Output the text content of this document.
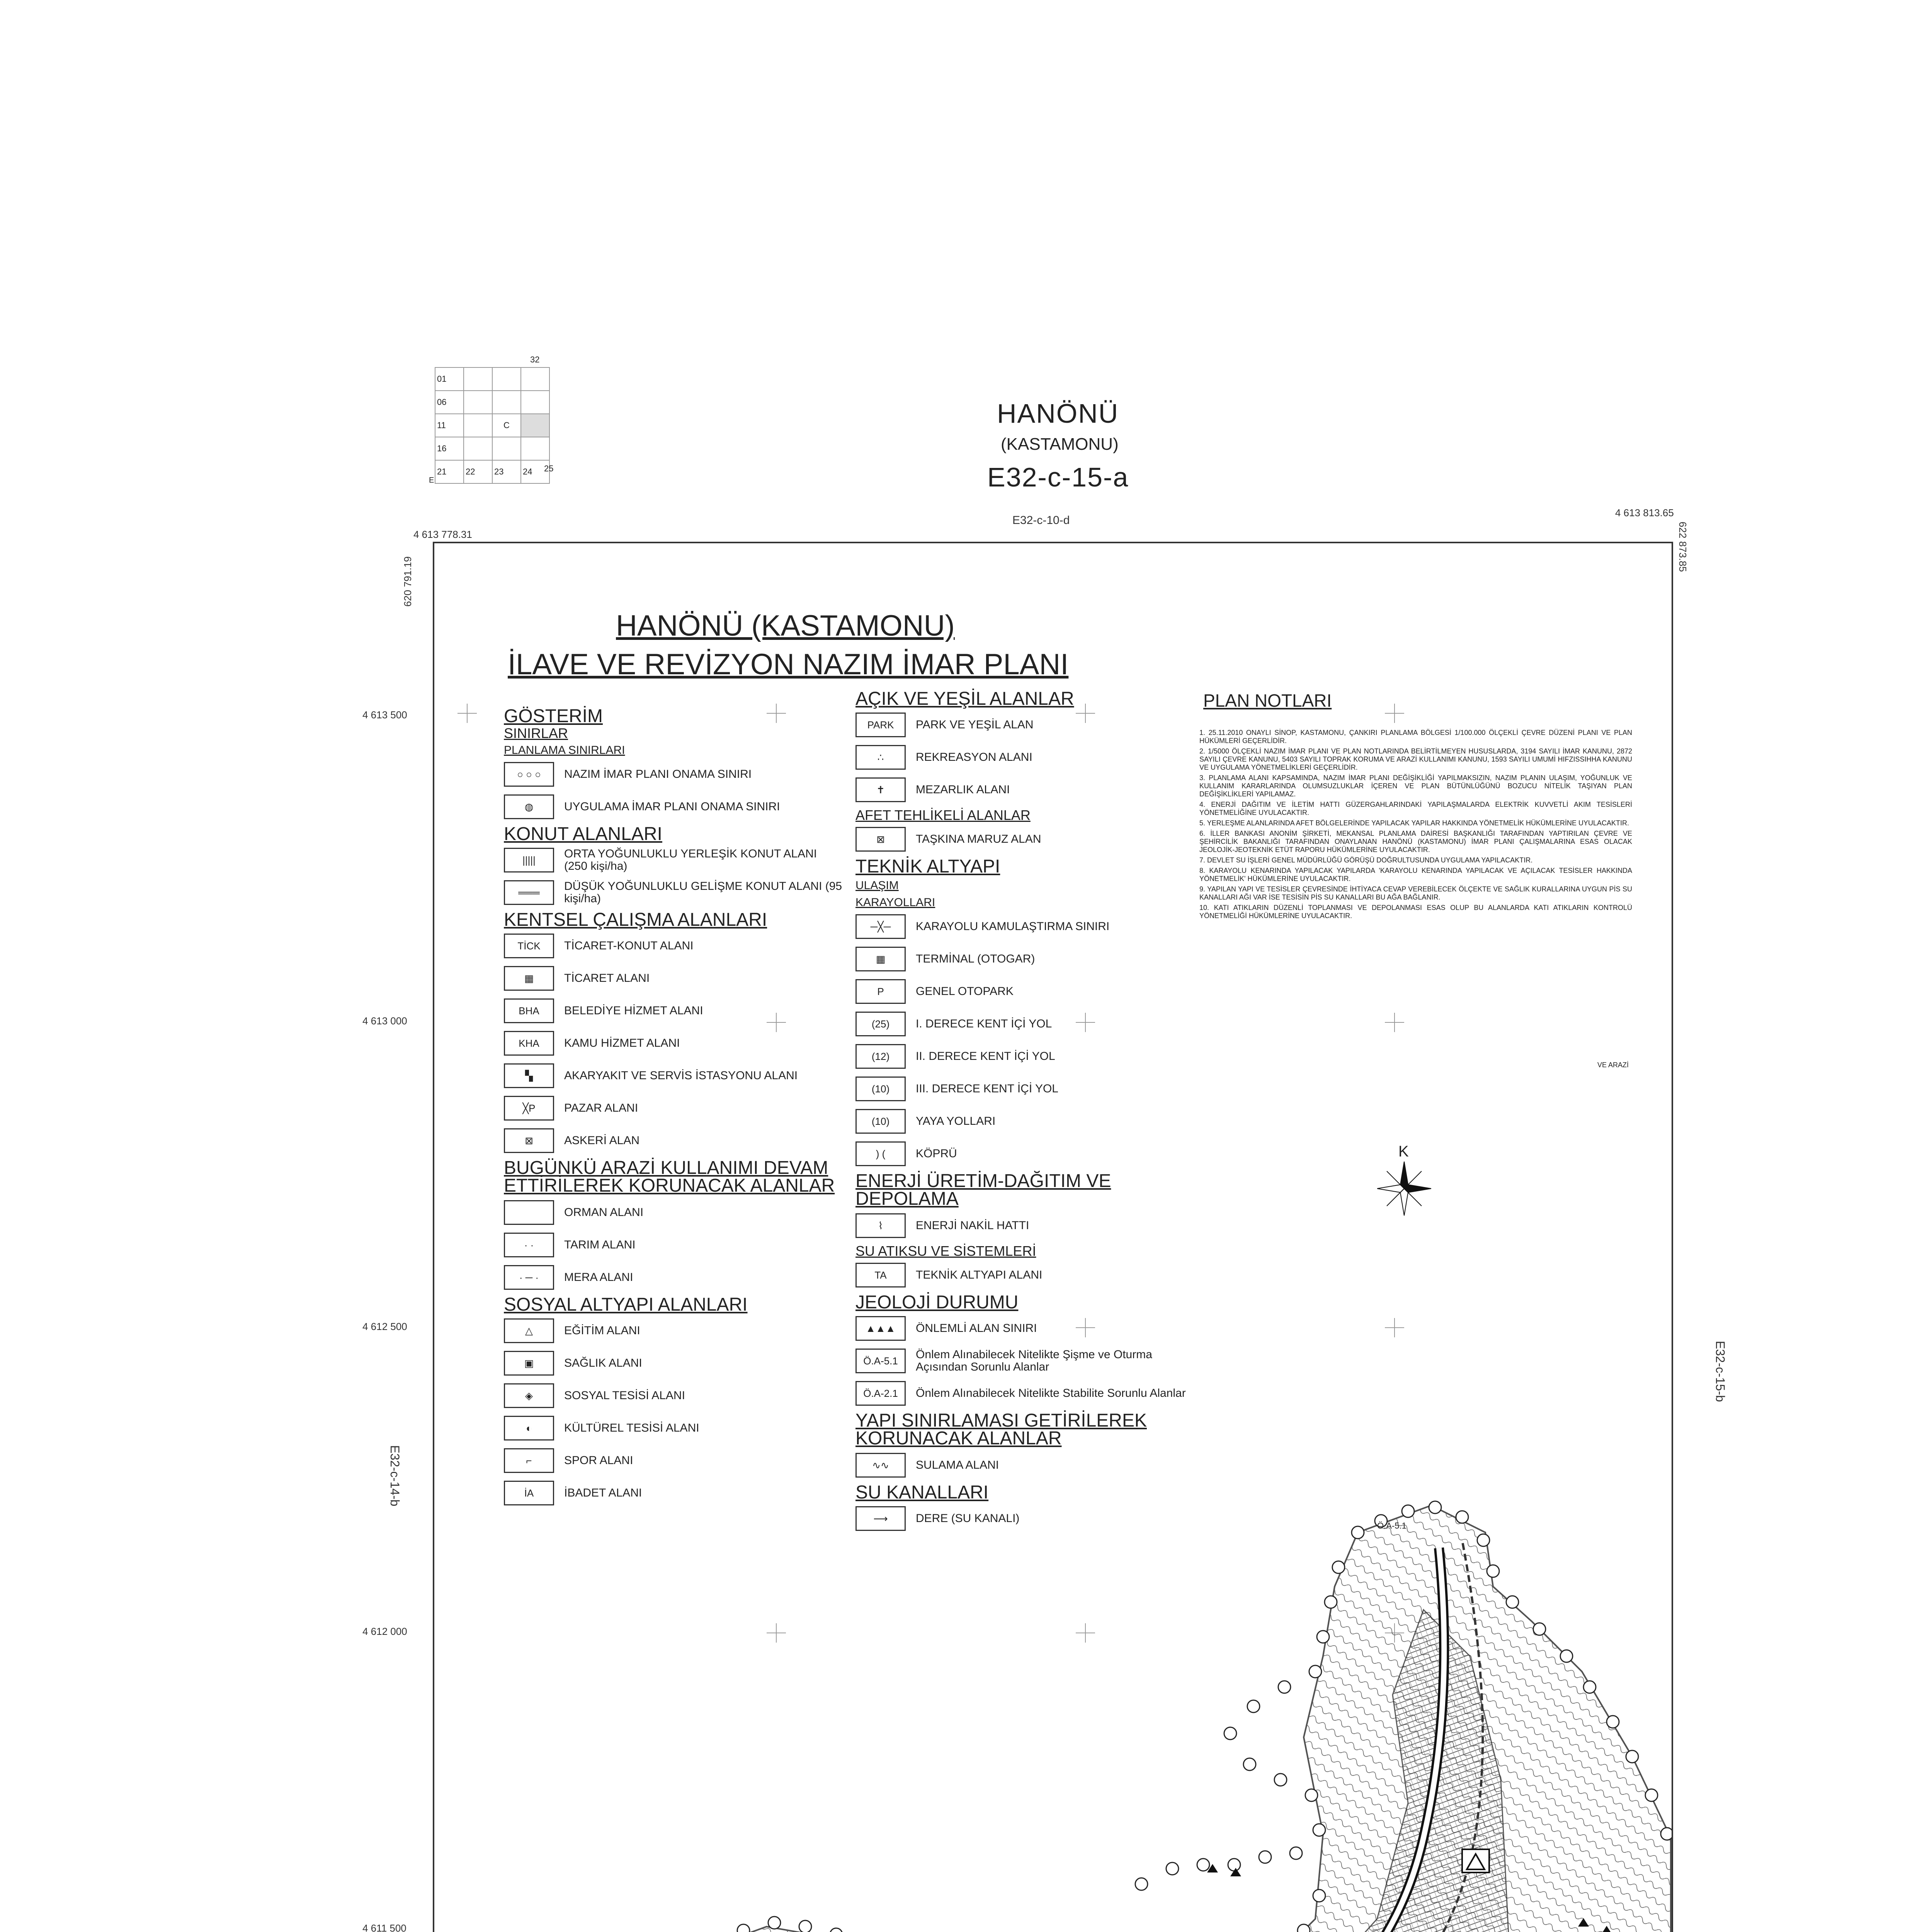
32
01			
06			
11		C	
16			
21	22	23	24 25
E
HANÖNÜ
(KASTAMONU)
E32-c-15-a
E32-c-10-d
4 613 778.31
4 613 813.65
620 791.19
622 873.85
E32-c-14-b
E32-c-15-b
4 613 500
4 613 000
4 612 500
4 612 000
4 611 500
Ö.A-5.1
HANÖNÜ (KASTAMONU)
İLAVE VE REVİZYON NAZIM İMAR PLANI
GÖSTERİM
SINIRLAR
PLANLAMA SINIRLARI
○ ○ ○	NAZIM İMAR PLANI ONAMA SINIRI
◍	UYGULAMA İMAR PLANI ONAMA SINIRI
KONUT ALANLARI
|||||	ORTA YOĞUNLUKLU YERLEŞİK KONUT ALANI (250 kişi/ha)
═══	DÜŞÜK YOĞUNLUKLU GELİŞME KONUT ALANI (95 kişi/ha)
KENTSEL ÇALIŞMA ALANLARI
TİCK	TİCARET-KONUT ALANI
▦	TİCARET ALANI
BHA	BELEDİYE HİZMET ALANI
KHA	KAMU HİZMET ALANI
▚	AKARYAKIT VE SERVİS İSTASYONU ALANI
╳P	PAZAR ALANI
⊠	ASKERİ ALAN
BUGÜNKÜ ARAZİ KULLANIMI DEVAM ETTİRİLEREK KORUNACAK ALANLAR
ORMAN ALANI
· ·	TARIM ALANI
· ─ ·	MERA ALANI
SOSYAL ALTYAPI ALANLARI
△	EĞİTİM ALANI
▣	SAĞLIK ALANI
◈	SOSYAL TESİSİ ALANI
◐	KÜLTÜREL TESİSİ ALANI
⌐	SPOR ALANI
İA	İBADET ALANI
AÇIK VE YEŞİL ALANLAR
PARK	PARK VE YEŞİL ALAN
∴	REKREASYON ALANI
✝	MEZARLIK ALANI
AFET TEHLİKELİ ALANLAR
⊠	TAŞKINA MARUZ ALAN
TEKNİK ALTYAPI
ULAŞIM
KARAYOLLARI
─╳─	KARAYOLU KAMULAŞTIRMA SINIRI
▦	TERMİNAL (OTOGAR)
P	GENEL OTOPARK
(25)	I. DERECE KENT İÇİ YOL
(12)	II. DERECE KENT İÇİ YOL
(10)	III. DERECE KENT İÇİ YOL
(10)	YAYA YOLLARI
) (	KÖPRÜ
ENERJİ ÜRETİM-DAĞITIM VE DEPOLAMA
⌇	ENERJİ NAKİL HATTI
SU ATIKSU VE SİSTEMLERİ
TA	TEKNİK ALTYAPI ALANI
JEOLOJİ DURUMU
▲▲▲	ÖNLEMLİ ALAN SINIRI
Ö.A-5.1	Önlem Alınabilecek Nitelikte Şişme ve Oturma Açısından Sorunlu Alanlar
Ö.A-2.1	Önlem Alınabilecek Nitelikte Stabilite Sorunlu Alanlar
YAPI SINIRLAMASI GETİRİLEREK KORUNACAK ALANLAR
∿∿	SULAMA ALANI
SU KANALLARI
⟶	DERE (SU KANALI)
PLAN NOTLARI
1. 25.11.2010 ONAYLI SİNOP, KASTAMONU, ÇANKIRI PLANLAMA BÖLGESİ 1/100.000 ÖLÇEKLİ ÇEVRE DÜZENİ PLANI VE PLAN HÜKÜMLERİ GEÇERLİDİR.
2. 1/5000 ÖLÇEKLİ NAZIM İMAR PLANI VE PLAN NOTLARINDA BELİRTİLMEYEN HUSUSLARDA, 3194 SAYILI İMAR KANUNU, 2872 SAYILI ÇEVRE KANUNU, 5403 SAYILI TOPRAK KORUMA VE ARAZİ KULLANIMI KANUNU, 1593 SAYILI UMUMİ HIFZISSIHHA KANUNU VE UYGULAMA YÖNETMELİKLERİ GEÇERLİDİR.
3. PLANLAMA ALANI KAPSAMINDA, NAZIM İMAR PLANI DEĞİŞİKLİĞİ YAPILMAKSIZIN, NAZIM PLANIN ULAŞIM, YOĞUNLUK VE KULLANIM KARARLARINDA OLUMSUZLUKLAR İÇEREN VE PLAN BÜTÜNLÜĞÜNÜ BOZUCU NİTELİK TAŞIYAN PLAN DEĞİŞİKLİKLERİ YAPILAMAZ.
4. ENERJİ DAĞITIM VE İLETİM HATTI GÜZERGAHLARINDAKİ YAPILAŞMALARDA ELEKTRİK KUVVETLİ AKIM TESİSLERİ YÖNETMELİĞİNE UYULACAKTIR.
5. YERLEŞME ALANLARINDA AFET BÖLGELERİNDE YAPILACAK YAPILAR HAKKINDA YÖNETMELİK HÜKÜMLERİNE UYULACAKTIR.
6. İLLER BANKASI ANONİM ŞİRKETİ, MEKANSAL PLANLAMA DAİRESİ BAŞKANLIĞI TARAFINDAN YAPTIRILAN ÇEVRE VE ŞEHİRCİLİK BAKANLIĞI TARAFINDAN ONAYLANAN HANÖNÜ (KASTAMONU) İMAR PLANI ÇALIŞMALARINA ESAS OLACAK JEOLOJİK-JEOTEKNİK ETÜT RAPORU HÜKÜMLERİNE UYULACAKTIR.
7. DEVLET SU İŞLERİ GENEL MÜDÜRLÜĞÜ GÖRÜŞÜ DOĞRULTUSUNDA UYGULAMA YAPILACAKTIR.
8. KARAYOLU KENARINDA YAPILACAK YAPILARDA 'KARAYOLU KENARINDA YAPILACAK VE AÇILACAK TESİSLER HAKKINDA YÖNETMELİK' HÜKÜMLERİNE UYULACAKTIR.
9. YAPILAN YAPI VE TESİSLER ÇEVRESİNDE İHTİYACA CEVAP VEREBİLECEK ÖLÇEKTE VE SAĞLIK KURALLARINA UYGUN PİS SU KANALLARI AĞI VAR İSE TESİSİN PİS SU KANALLARI BU AĞA BAĞLANIR.
10. KATI ATIKLARIN DÜZENLİ TOPLANMASI VE DEPOLANMASI ESAS OLUP BU ALANLARDA KATI ATIKLARIN KONTROLÜ YÖNETMELİĞİ HÜKÜMLERİNE UYULACAKTIR.
VE ARAZİ
K
